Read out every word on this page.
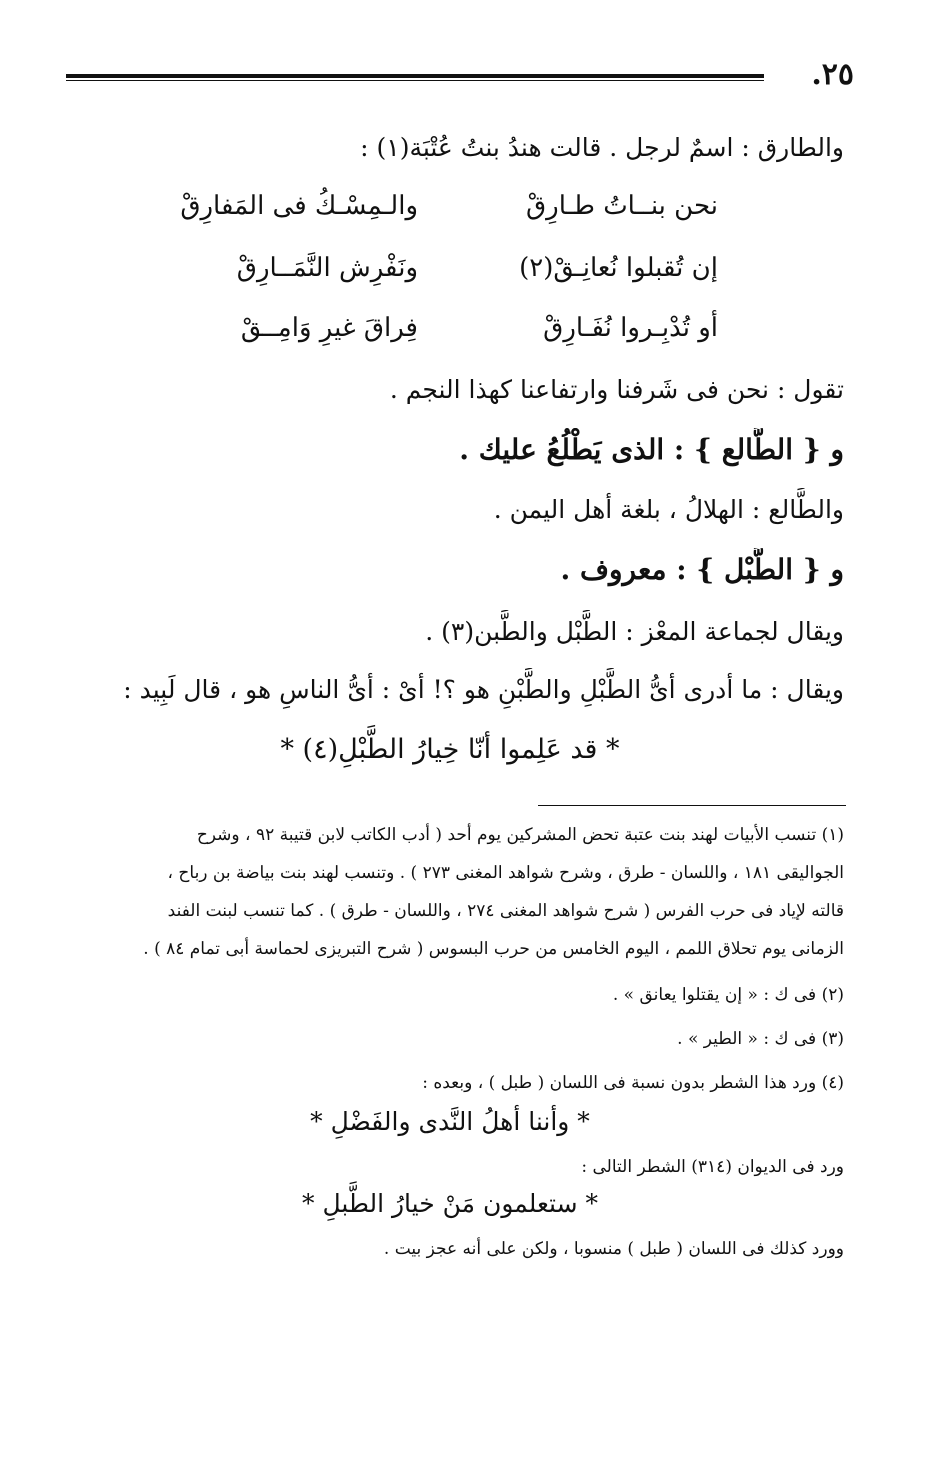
٢٥.
والطارق : اسمٌ لرجل . قالت هندُ بنتُ عُتْبَة(١) :
نحن بنــاتُ طـارِقْ
والـمِسْـكُ فى المَفارِقْ
إن تُقبلوا نُعانِـقْ(٢)
ونَفْرِش النَّمَــارِقْ
أو تُدْبِـروا نُفَـارِقْ
فِراقَ غيرِ وَامِــقْ
تقول : نحن فى شَرفنا وارتفاعنا كهذا النجم .
و { الطَّالع } : الذى يَطْلُعُ عليك .
والطَّالع : الهلالُ ، بلغة أهل اليمن .
و { الطَّبْل } : معروف .
ويقال لجماعة المعْز : الطَّبْل والطَّبن(٣) .
ويقال : ما أدرى أىُّ الطَّبْلِ والطَّبْنِ هو ؟! أىْ : أىُّ الناسِ هو ، قال لَبِيد :
* قد عَلِموا أنّا خِيارُ الطَّبْلِ(٤) *
(١) تنسب الأبيات لهند بنت عتبة تحض المشركين يوم أحد ( أدب الكاتب لابن قتيبة ٩٢ ، وشرح
الجواليقى ١٨١ ، واللسان - طرق ، وشرح شواهد المغنى ٢٧٣ ) . وتنسب لهند بنت بياضة بن رباح ،
قالته لإياد فى حرب الفرس ( شرح شواهد المغنى ٢٧٤ ، واللسان - طرق ) . كما تنسب لبنت الفند
الزمانى يوم تحلاق اللمم ، اليوم الخامس من حرب البسوس ( شرح التبريزى لحماسة أبى تمام ٨٤ ) .
(٢) فى ك : « إن يقتلوا يعانق » .
(٣) فى ك : « الطير » .
(٤) ورد هذا الشطر بدون نسبة فى اللسان ( طبل ) ، وبعده :
* وأننا أهلُ النَّدى والفَضْلِ *
ورد فى الديوان (٣١٤) الشطر التالى :
* ستعلمون مَنْ خيارُ الطَّبلِ *
وورد كذلك فى اللسان ( طبل ) منسوبا ، ولكن على أنه عجز بيت .
